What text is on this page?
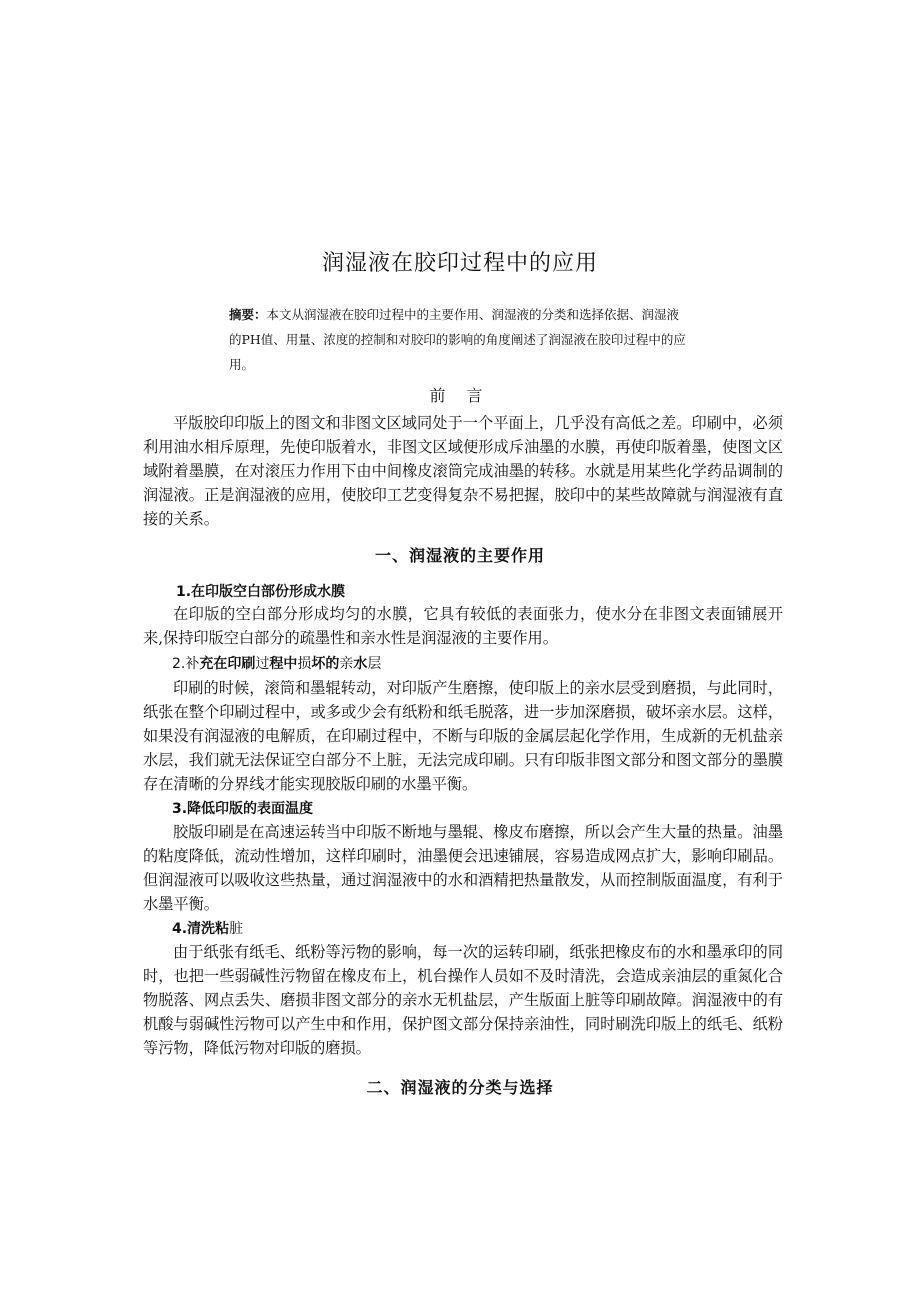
润湿液在胶印过程中的应用
摘要：本文从润湿液在胶印过程中的主要作用、润湿液的分类和选择依据、润湿液的PH值、用量、浓度的控制和对胶印的影响的角度阐述了润湿液在胶印过程中的应用。
前 言
平版胶印印版上的图文和非图文区域同处于一个平面上，几乎没有高低之差。印刷中，必须利用油水相斥原理，先使印版着水，非图文区域便形成斥油墨的水膜，再使印版着墨，使图文区域附着墨膜，在对滚压力作用下由中间橡皮滚筒完成油墨的转移。水就是用某些化学药品调制的润湿液。正是润湿液的应用，使胶印工艺变得复杂不易把握，胶印中的某些故障就与润湿液有直接的关系。
一、润湿液的主要作用
1.在印版空白部份形成水膜
在印版的空白部分形成均匀的水膜，它具有较低的表面张力，使水分在非图文表面铺展开来,保持印版空白部分的疏墨性和亲水性是润湿液的主要作用。
2.补充在印刷过程中损坏的亲水层
印刷的时候，滚筒和墨辊转动，对印版产生磨擦，使印版上的亲水层受到磨损，与此同时，纸张在整个印刷过程中，或多或少会有纸粉和纸毛脱落，进一步加深磨损，破坏亲水层。这样，如果没有润湿液的电解质，在印刷过程中，不断与印版的金属层起化学作用，生成新的无机盐亲水层，我们就无法保证空白部分不上脏，无法完成印刷。只有印版非图文部分和图文部分的墨膜存在清晰的分界线才能实现胶版印刷的水墨平衡。
3.降低印版的表面温度
胶版印刷是在高速运转当中印版不断地与墨辊、橡皮布磨擦，所以会产生大量的热量。油墨的粘度降低，流动性增加，这样印刷时，油墨便会迅速铺展，容易造成网点扩大，影响印刷品。但润湿液可以吸收这些热量，通过润湿液中的水和酒精把热量散发，从而控制版面温度，有利于水墨平衡。
4.清洗粘脏
由于纸张有纸毛、纸粉等污物的影响，每一次的运转印刷，纸张把橡皮布的水和墨承印的同时，也把一些弱碱性污物留在橡皮布上，机台操作人员如不及时清洗，会造成亲油层的重氮化合物脱落、网点丢失、磨损非图文部分的亲水无机盐层，产生版面上脏等印刷故障。润湿液中的有机酸与弱碱性污物可以产生中和作用，保护图文部分保持亲油性，同时刷洗印版上的纸毛、纸粉等污物，降低污物对印版的磨损。
二、润湿液的分类与选择
